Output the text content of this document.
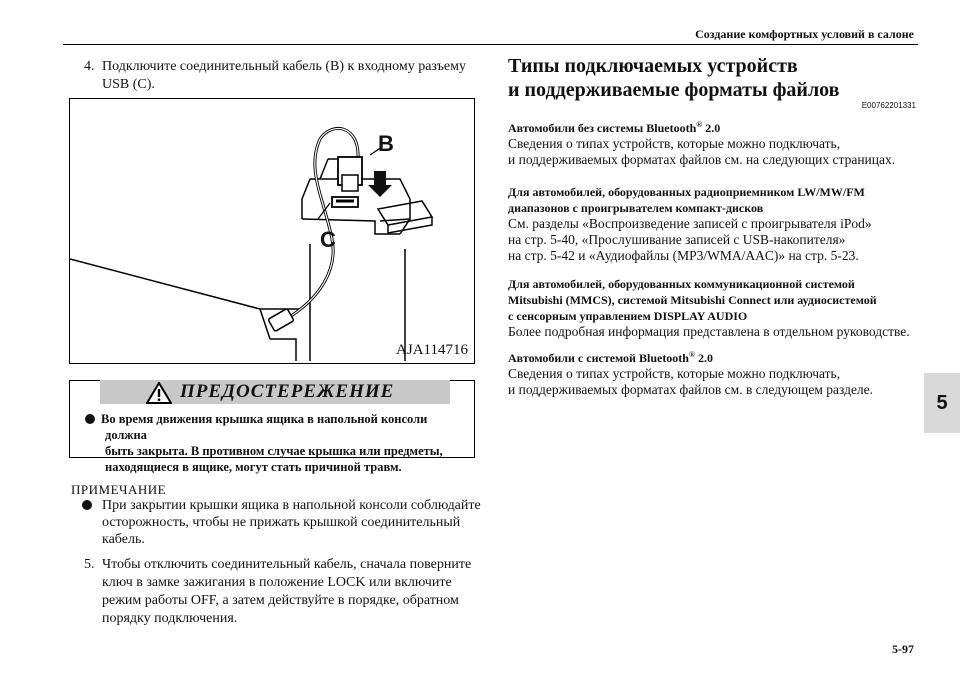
Создание комфортных условий в салоне
5
5-97
4. Подключите соединительный кабель (B) к входному разъему
USB (C).
B
C
AJA114716
ПРЕДОСТЕРЕЖЕНИЕ
Во время движения крышка ящика в напольной консоли должна
быть закрыта. В противном случае крышка или предметы,
находящиеся в ящике, могут стать причиной травм.
ПРИМЕЧАНИЕ
При закрытии крышки ящика в напольной консоли соблюдайте
осторожность, чтобы не прижать крышкой соединительный
кабель.
5. Чтобы отключить соединительный кабель, сначала поверните
ключ в замке зажигания в положение LOCK или включите
режим работы OFF, а затем действуйте в порядке, обратном
порядку подключения.
Типы подключаемых устройств
и поддерживаемые форматы файлов
E00762201331
Автомобили без системы Bluetooth® 2.0
Сведения о типах устройств, которые можно подключать,
и поддерживаемых форматах файлов см. на следующих страницах.
Для автомобилей, оборудованных радиоприемником LW/MW/FM
диапазонов с проигрывателем компакт-дисков
См. разделы «Воспроизведение записей с проигрывателя iPod»
на стр. 5-40, «Прослушивание записей с USB-накопителя»
на стр. 5-42 и «Аудиофайлы (MP3/WMA/AAC)» на стр. 5-23.
Для автомобилей, оборудованных коммуникационной системой
Mitsubishi (MMCS), системой Mitsubishi Connect или аудиосистемой
с сенсорным управлением DISPLAY AUDIO
Более подробная информация представлена в отдельном руководстве.
Автомобили с системой Bluetooth® 2.0
Сведения о типах устройств, которые можно подключать,
и поддерживаемых форматах файлов см. в следующем разделе.
